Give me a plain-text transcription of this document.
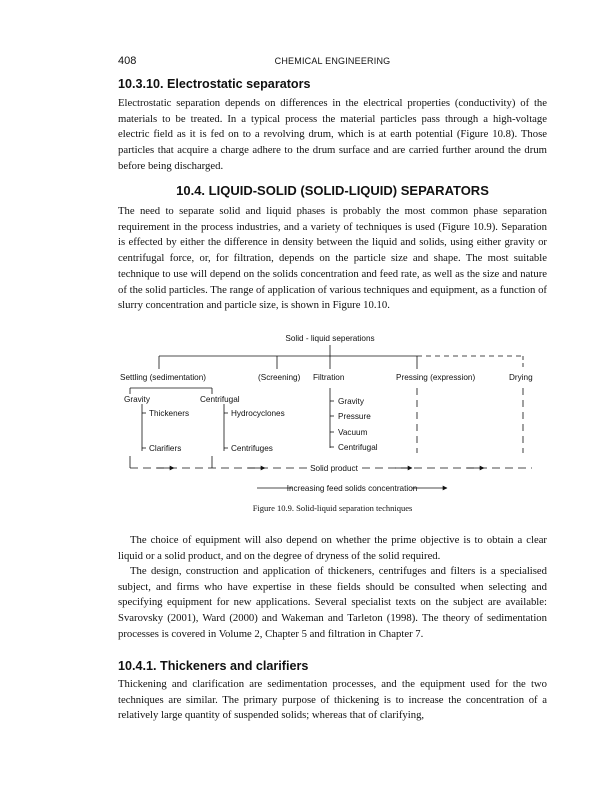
408	CHEMICAL ENGINEERING
10.3.10. Electrostatic separators

Electrostatic separation depends on differences in the electrical properties (conductivity) of the materials to be treated. In a typical process the material particles pass through a high-voltage electric field as it is fed on to a revolving drum, which is at earth potential (Figure 10.8). Those particles that acquire a charge adhere to the drum surface and are carried further around the drum before being discharged.

10.4. LIQUID-SOLID (SOLID-LIQUID) SEPARATORS

The need to separate solid and liquid phases is probably the most common phase separation requirement in the process industries, and a variety of techniques is used (Figure 10.9). Separation is effected by either the difference in density between the liquid and solids, using either gravity or centrifugal force, or, for filtration, depends on the particle size and shape. The most suitable technique to use will depend on the solids concentration and feed rate, as well as the size and nature of the solid particles. The range of application of various techniques and equipment, as a function of slurry concentration and particle size, is shown in Figure 10.10.

Solid - liquid seperations
Settling (sedimentation)	(Screening) Filtration	Pressing (expression)	Drying
Gravity	Centrifugal
Thickeners
Clarifiers
Hydrocyclones
Centrifuges
Gravity
Pressure
Vacuum
Centrifugal
Solid product
Increasing feed solids concentration
Figure 10.9. Solid-liquid separation techniques

The choice of equipment will also depend on whether the prime objective is to obtain a clear liquid or a solid product, and on the degree of dryness of the solid required.

The design, construction and application of thickeners, centrifuges and filters is a specialised subject, and firms who have expertise in these fields should be consulted when selecting and specifying equipment for new applications. Several specialist texts on the subject are available: Svarovsky (2001), Ward (2000) and Wakeman and Tarleton (1998). The theory of sedimentation processes is covered in Volume 2, Chapter 5 and filtration in Chapter 7.

10.4.1. Thickeners and clarifiers

Thickening and clarification are sedimentation processes, and the equipment used for the two techniques are similar. The primary purpose of thickening is to increase the concentration of a relatively large quantity of suspended solids; whereas that of clarifying,
